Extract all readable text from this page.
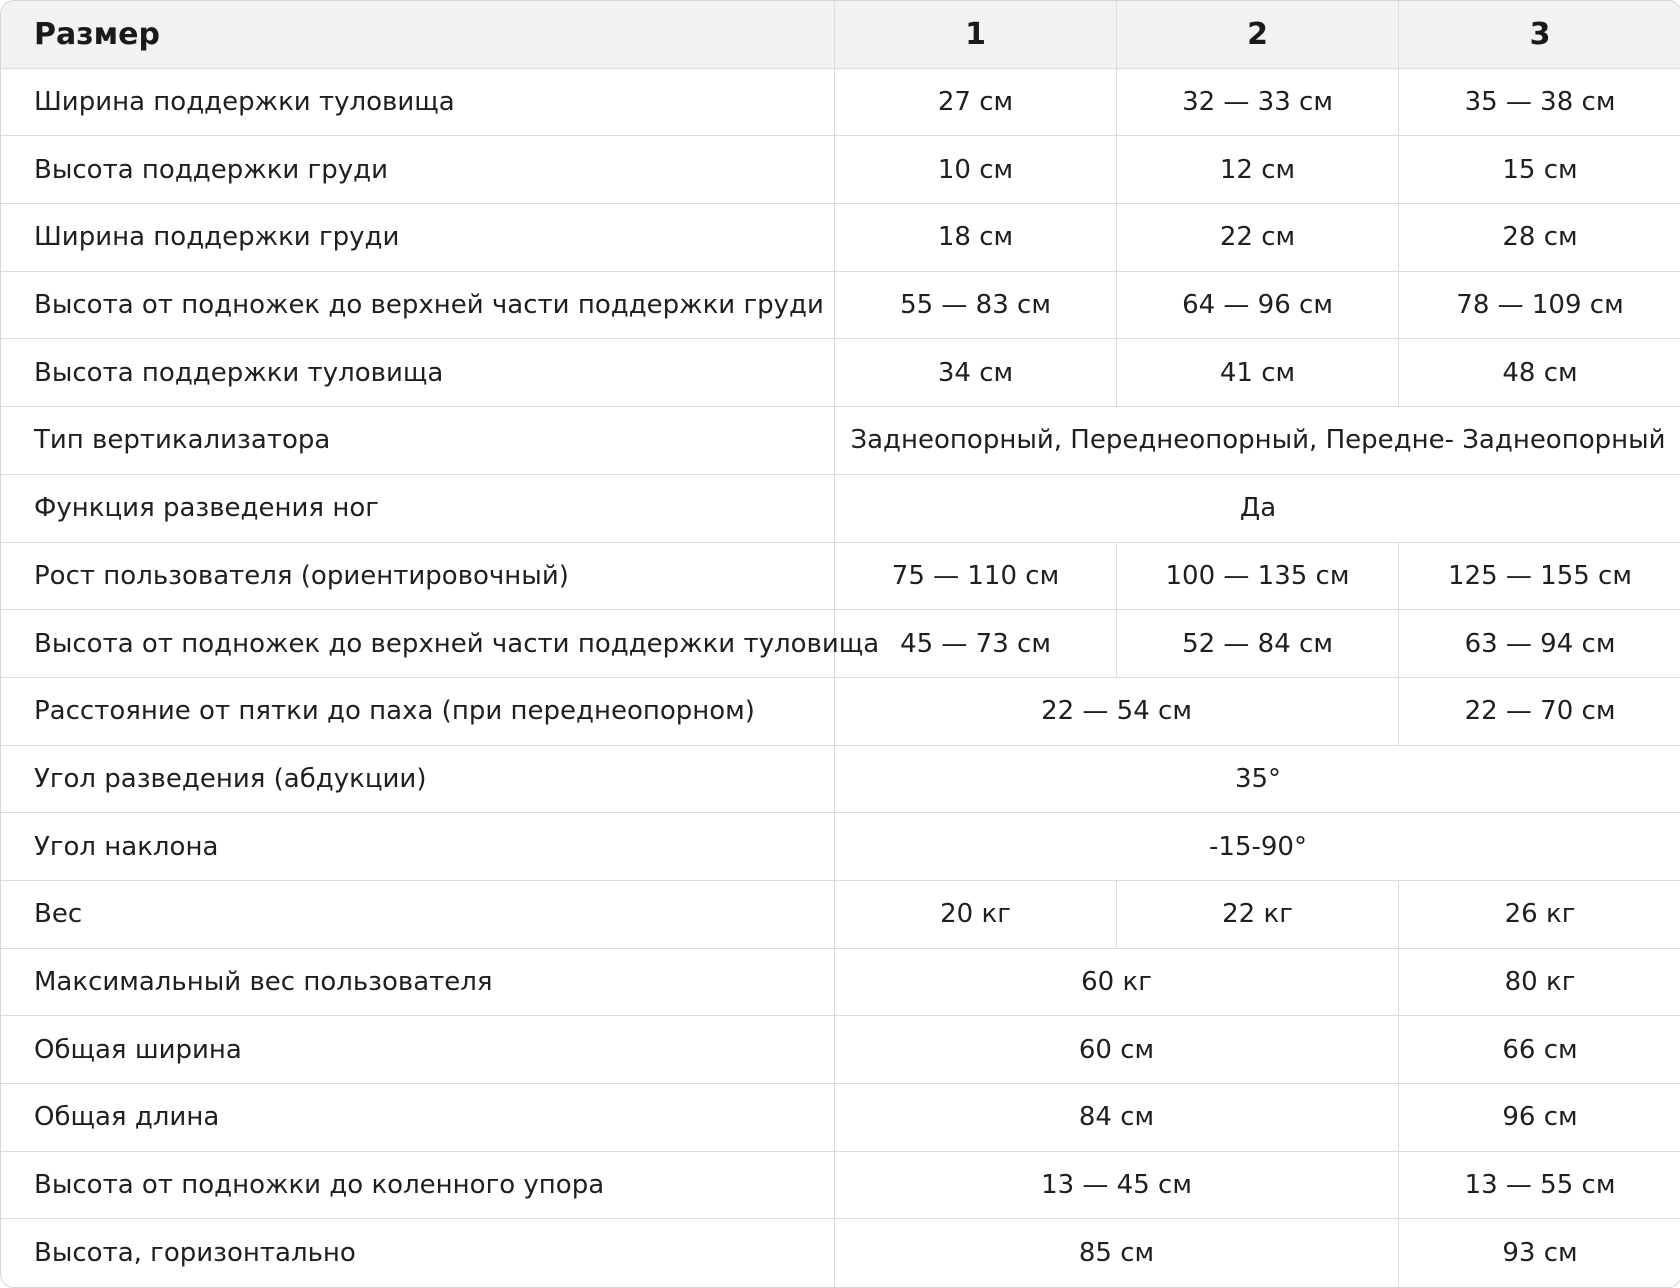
Размер	1	2	3
Ширина поддержки туловища	27 см	32 — 33 см	35 — 38 см
Высота поддержки груди	10 см	12 см	15 см
Ширина поддержки груди	18 см	22 см	28 см
Высота от подножек до верхней части поддержки груди	55 — 83 см	64 — 96 см	78 — 109 см
Высота поддержки туловища	34 см	41 см	48 см
Тип вертикализатора	Заднеопорный, Переднеопорный, Передне- Заднеопорный		
Функция разведения ног	Да		
Рост пользователя (ориентировочный)	75 — 110 см	100 — 135 см	125 — 155 см
Высота от подножек до верхней части поддержки туловища	45 — 73 см	52 — 84 см	63 — 94 см
Расстояние от пятки до паха (при переднеопорном)	22 — 54 см		22 — 70 см
Угол разведения (абдукции)	35°		
Угол наклона	-15-90°		
Вес	20 кг	22 кг	26 кг
Максимальный вес пользователя	60 кг		80 кг
Общая ширина	60 см		66 см
Общая длина	84 см		96 см
Высота от подножки до коленного упора	13 — 45 см		13 — 55 см
Высота, горизонтально	85 см		93 см
